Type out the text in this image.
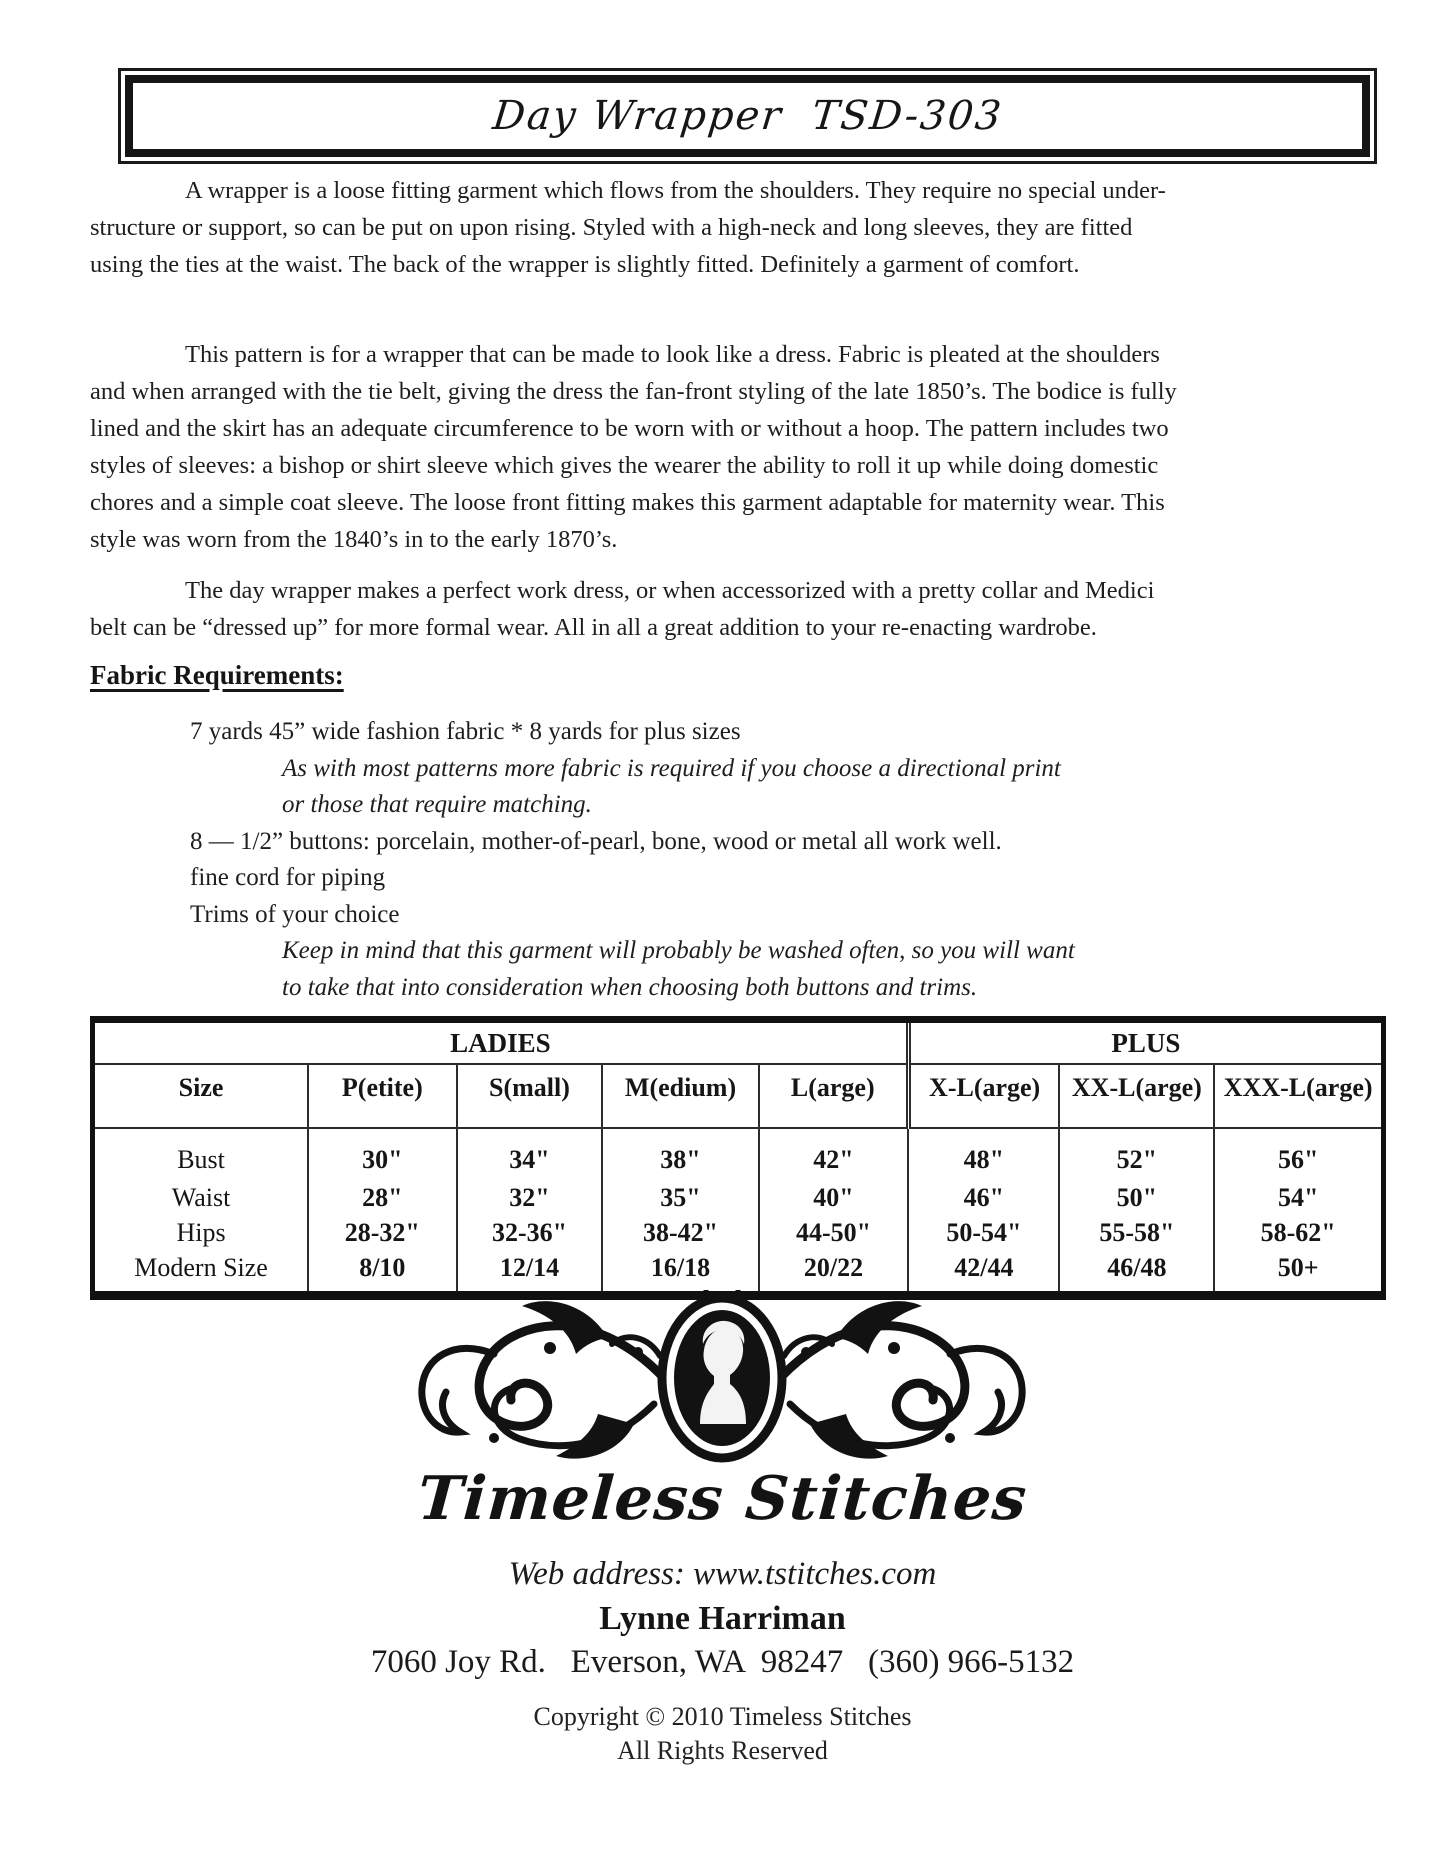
Day Wrapper  TSD-303

A wrapper is a loose fitting garment which flows from the shoulders. They require no special under-structure or support, so can be put on upon rising. Styled with a high-neck and long sleeves, they are fitted using the ties at the waist. The back of the wrapper is slightly fitted. Definitely a garment of comfort.

This pattern is for a wrapper that can be made to look like a dress. Fabric is pleated at the shoulders and when arranged with the tie belt, giving the dress the fan-front styling of the late 1850’s. The bodice is fully lined and the skirt has an adequate circumference to be worn with or without a hoop. The pattern includes two styles of sleeves: a bishop or shirt sleeve which gives the wearer the ability to roll it up while doing domestic chores and a simple coat sleeve. The loose front fitting makes this garment adaptable for maternity wear. This style was worn from the 1840’s in to the early 1870’s.

The day wrapper makes a perfect work dress, or when accessorized with a pretty collar and Medici belt can be “dressed up” for more formal wear. All in all a great addition to your re-enacting wardrobe.

Fabric Requirements:
7 yards 45” wide fashion fabric * 8 yards for plus sizes
As with most patterns more fabric is required if you choose a directional print
or those that require matching.
8 — 1/2” buttons: porcelain, mother-of-pearl, bone, wood or metal all work well.
fine cord for piping
Trims of your choice
Keep in mind that this garment will probably be washed often, so you will want
to take that into consideration when choosing both buttons and trims.
LADIES					PLUS		
Size	P(etite)	S(mall)	M(edium)	L(arge)	X-L(arge)	XX-L(arge)	XXX-L(arge)
Bust	30"	34"	38"	42"	48"	52"	56"
Waist	28"	32"	35"	40"	46"	50"	54"
Hips	28-32"	32-36"	38-42"	44-50"	50-54"	55-58"	58-62"
Modern Size	8/10	12/14	16/18	20/22	42/44	46/48	50+
Timeless Stitches
Web address: www.tstitches.com
Lynne Harriman
7060 Joy Rd.   Everson, WA  98247   (360) 966-5132
Copyright © 2010 Timeless Stitches
All Rights Reserved
